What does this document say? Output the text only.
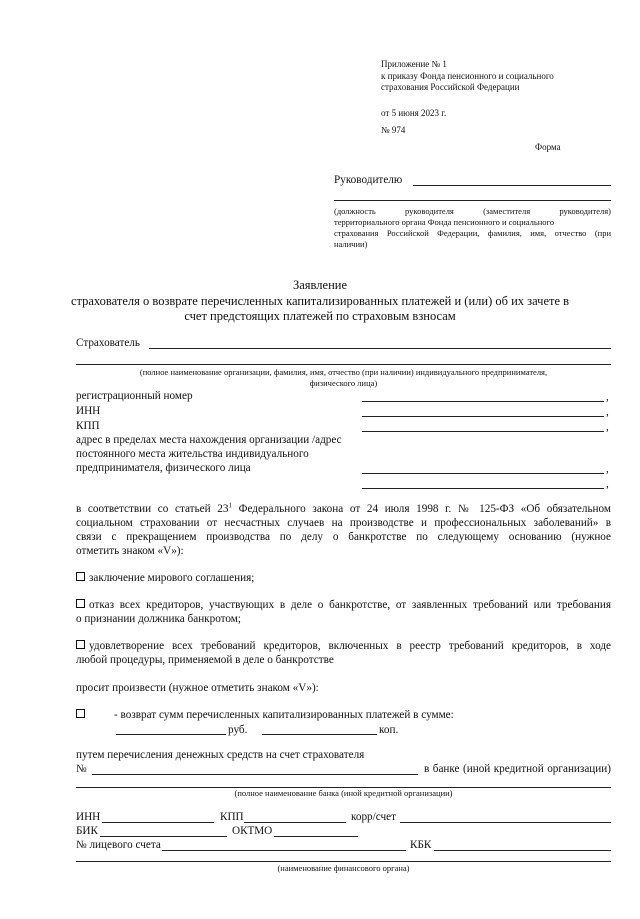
Приложение № 1
к приказу Фонда пенсионного и социального
страхования Российской Федерации
от 5 июня 2023 г.
№ 974
Форма
Руководителю
(должность руководителя (заместителя руководителя)
территориального органа Фонда пенсионного и социального
страхования Российской Федерации, фамилия, имя, отчество (при
наличии)
Заявление
страхователя о возврате перечисленных капитализированных платежей и (или) об их зачете в
счет предстоящих платежей по страховым взносам
Страхователь
(полное наименование организации, фамилия, имя, отчество (при наличии) индивидуального предпринимателя,
физического лица)
регистрационный номер	,
ИНН	,
КПП	,
адрес в пределах места нахождения организации /адрес
постоянного места жительства индивидуального
предпринимателя, физического лица	,
,
в соответствии со статьей $23^1$ Федерального закона от 24 июля 1998 г. № 125-ФЗ «Об обязательном
социальном страховании от несчастных случаев на производстве и профессиональных заболеваний» в
связи с прекращением производства по делу о банкротстве по следующему основанию (нужное
отметить знаком «V»):
заключение мирового соглашения;
отказ всех кредиторов, участвующих в деле о банкротстве, от заявленных требований или требования
о признании должника банкротом;
удовлетворение всех требований кредиторов, включенных в реестр требований кредиторов, в ходе
любой процедуры, применяемой в деле о банкротстве
просит произвести (нужное отметить знаком «V»):
- возврат сумм перечисленных капитализированных платежей в сумме:
руб.	коп.
путем перечисления денежных средств на счет страхователя
№	в банке (иной кредитной организации)
(полное наименование банка (иной кредитной организации)
ИНН	КПП	корр/счет
БИК	ОКТМО
№ лицевого счета	КБК
(наименование финансового органа)
